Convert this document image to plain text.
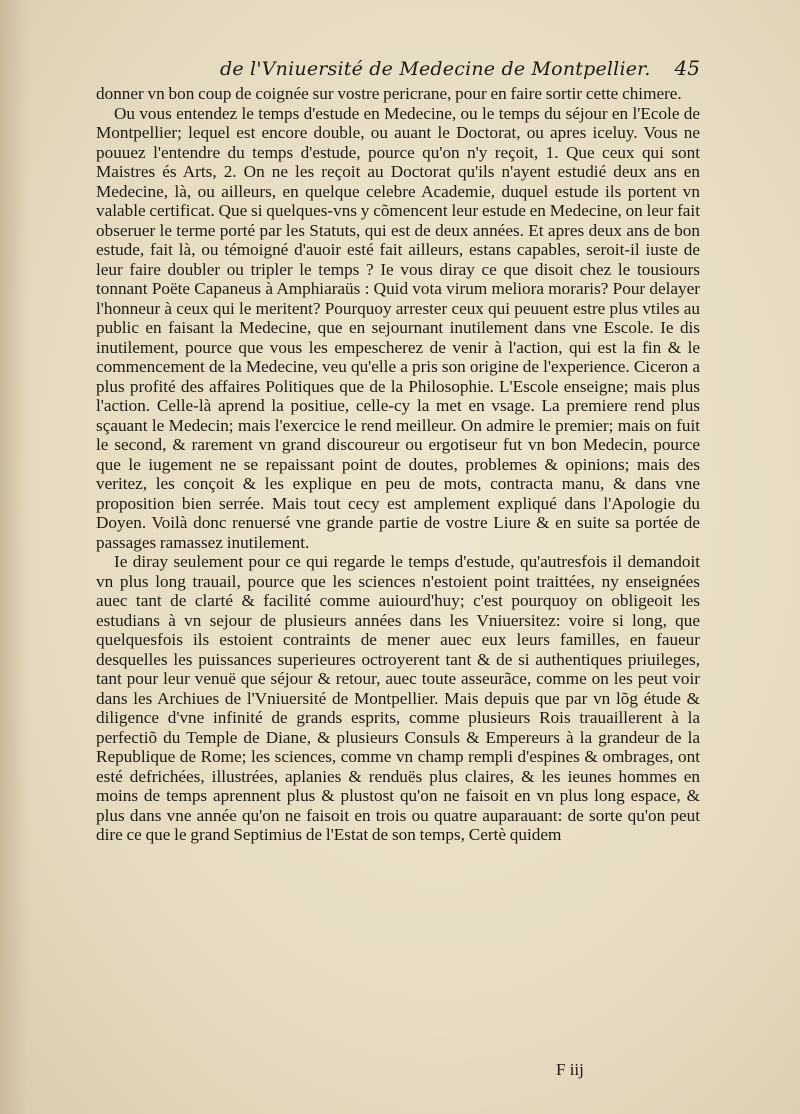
de l'Vniuersité de Medecine de Montpellier. 45

donner vn bon coup de coignée sur vostre pericrane, pour en faire sortir cette chimere.

Ou vous entendez le temps d'estude en Medecine, ou le temps du séjour en l'Ecole de Montpellier; lequel est encore double, ou auant le Doctorat, ou apres iceluy. Vous ne pouuez l'entendre du temps d'estude, pource qu'on n'y reçoit, 1. Que ceux qui sont Maistres és Arts, 2. On ne les reçoit au Doctorat qu'ils n'ayent estudié deux ans en Medecine, là, ou ailleurs, en quelque celebre Academie, duquel estude ils portent vn valable certificat. Que si quelques-vns y cõmencent leur estude en Medecine, on leur fait obseruer le terme porté par les Statuts, qui est de deux années. Et apres deux ans de bon estude, fait là, ou témoigné d'auoir esté fait ailleurs, estans capables, seroit-il iuste de leur faire doubler ou tripler le temps ? Ie vous diray ce que disoit chez le tousiours tonnant Poëte Capaneus à Amphiaraüs : Quid vota virum meliora moraris? Pour delayer l'honneur à ceux qui le meritent? Pourquoy arrester ceux qui peuuent estre plus vtiles au public en faisant la Medecine, que en sejournant inutilement dans vne Escole. Ie dis inutilement, pource que vous les empescherez de venir à l'action, qui est la fin & le commencement de la Medecine, veu qu'elle a pris son origine de l'experience. Ciceron a plus profité des affaires Politiques que de la Philosophie. L'Escole enseigne; mais plus l'action. Celle-là aprend la positiue, celle-cy la met en vsage. La premiere rend plus sçauant le Medecin; mais l'exercice le rend meilleur. On admire le premier; mais on fuit le second, & rarement vn grand discoureur ou ergotiseur fut vn bon Medecin, pource que le iugement ne se repaissant point de doutes, problemes & opinions; mais des veritez, les conçoit & les explique en peu de mots, contracta manu, & dans vne proposition bien serrée. Mais tout cecy est amplement expliqué dans l'Apologie du Doyen. Voilà donc renuersé vne grande partie de vostre Liure & en suite sa portée de passages ramassez inutilement.

Ie diray seulement pour ce qui regarde le temps d'estude, qu'autresfois il demandoit vn plus long trauail, pource que les sciences n'estoient point traittées, ny enseignées auec tant de clarté & facilité comme auiourd'huy; c'est pourquoy on obligeoit les estudians à vn sejour de plusieurs années dans les Vniuersitez: voire si long, que quelquesfois ils estoient contraints de mener auec eux leurs familles, en faueur desquelles les puissances superieures octroyerent tant & de si authentiques priuileges, tant pour leur venuë que séjour & retour, auec toute asseurãce, comme on les peut voir dans les Archiues de l'Vniuersité de Montpellier. Mais depuis que par vn lõg étude & diligence d'vne infinité de grands esprits, comme plusieurs Rois trauaillerent à la perfectiõ du Temple de Diane, & plusieurs Consuls & Empereurs à la grandeur de la Republique de Rome; les sciences, comme vn champ rempli d'espines & ombrages, ont esté defrichées, illustrées, aplanies & renduës plus claires, & les ieunes hommes en moins de temps aprennent plus & plustost qu'on ne faisoit en vn plus long espace, & plus dans vne année qu'on ne faisoit en trois ou quatre auparauant: de sorte qu'on peut dire ce que le grand Septimius de l'Estat de son temps, Certè quidem

F iij
